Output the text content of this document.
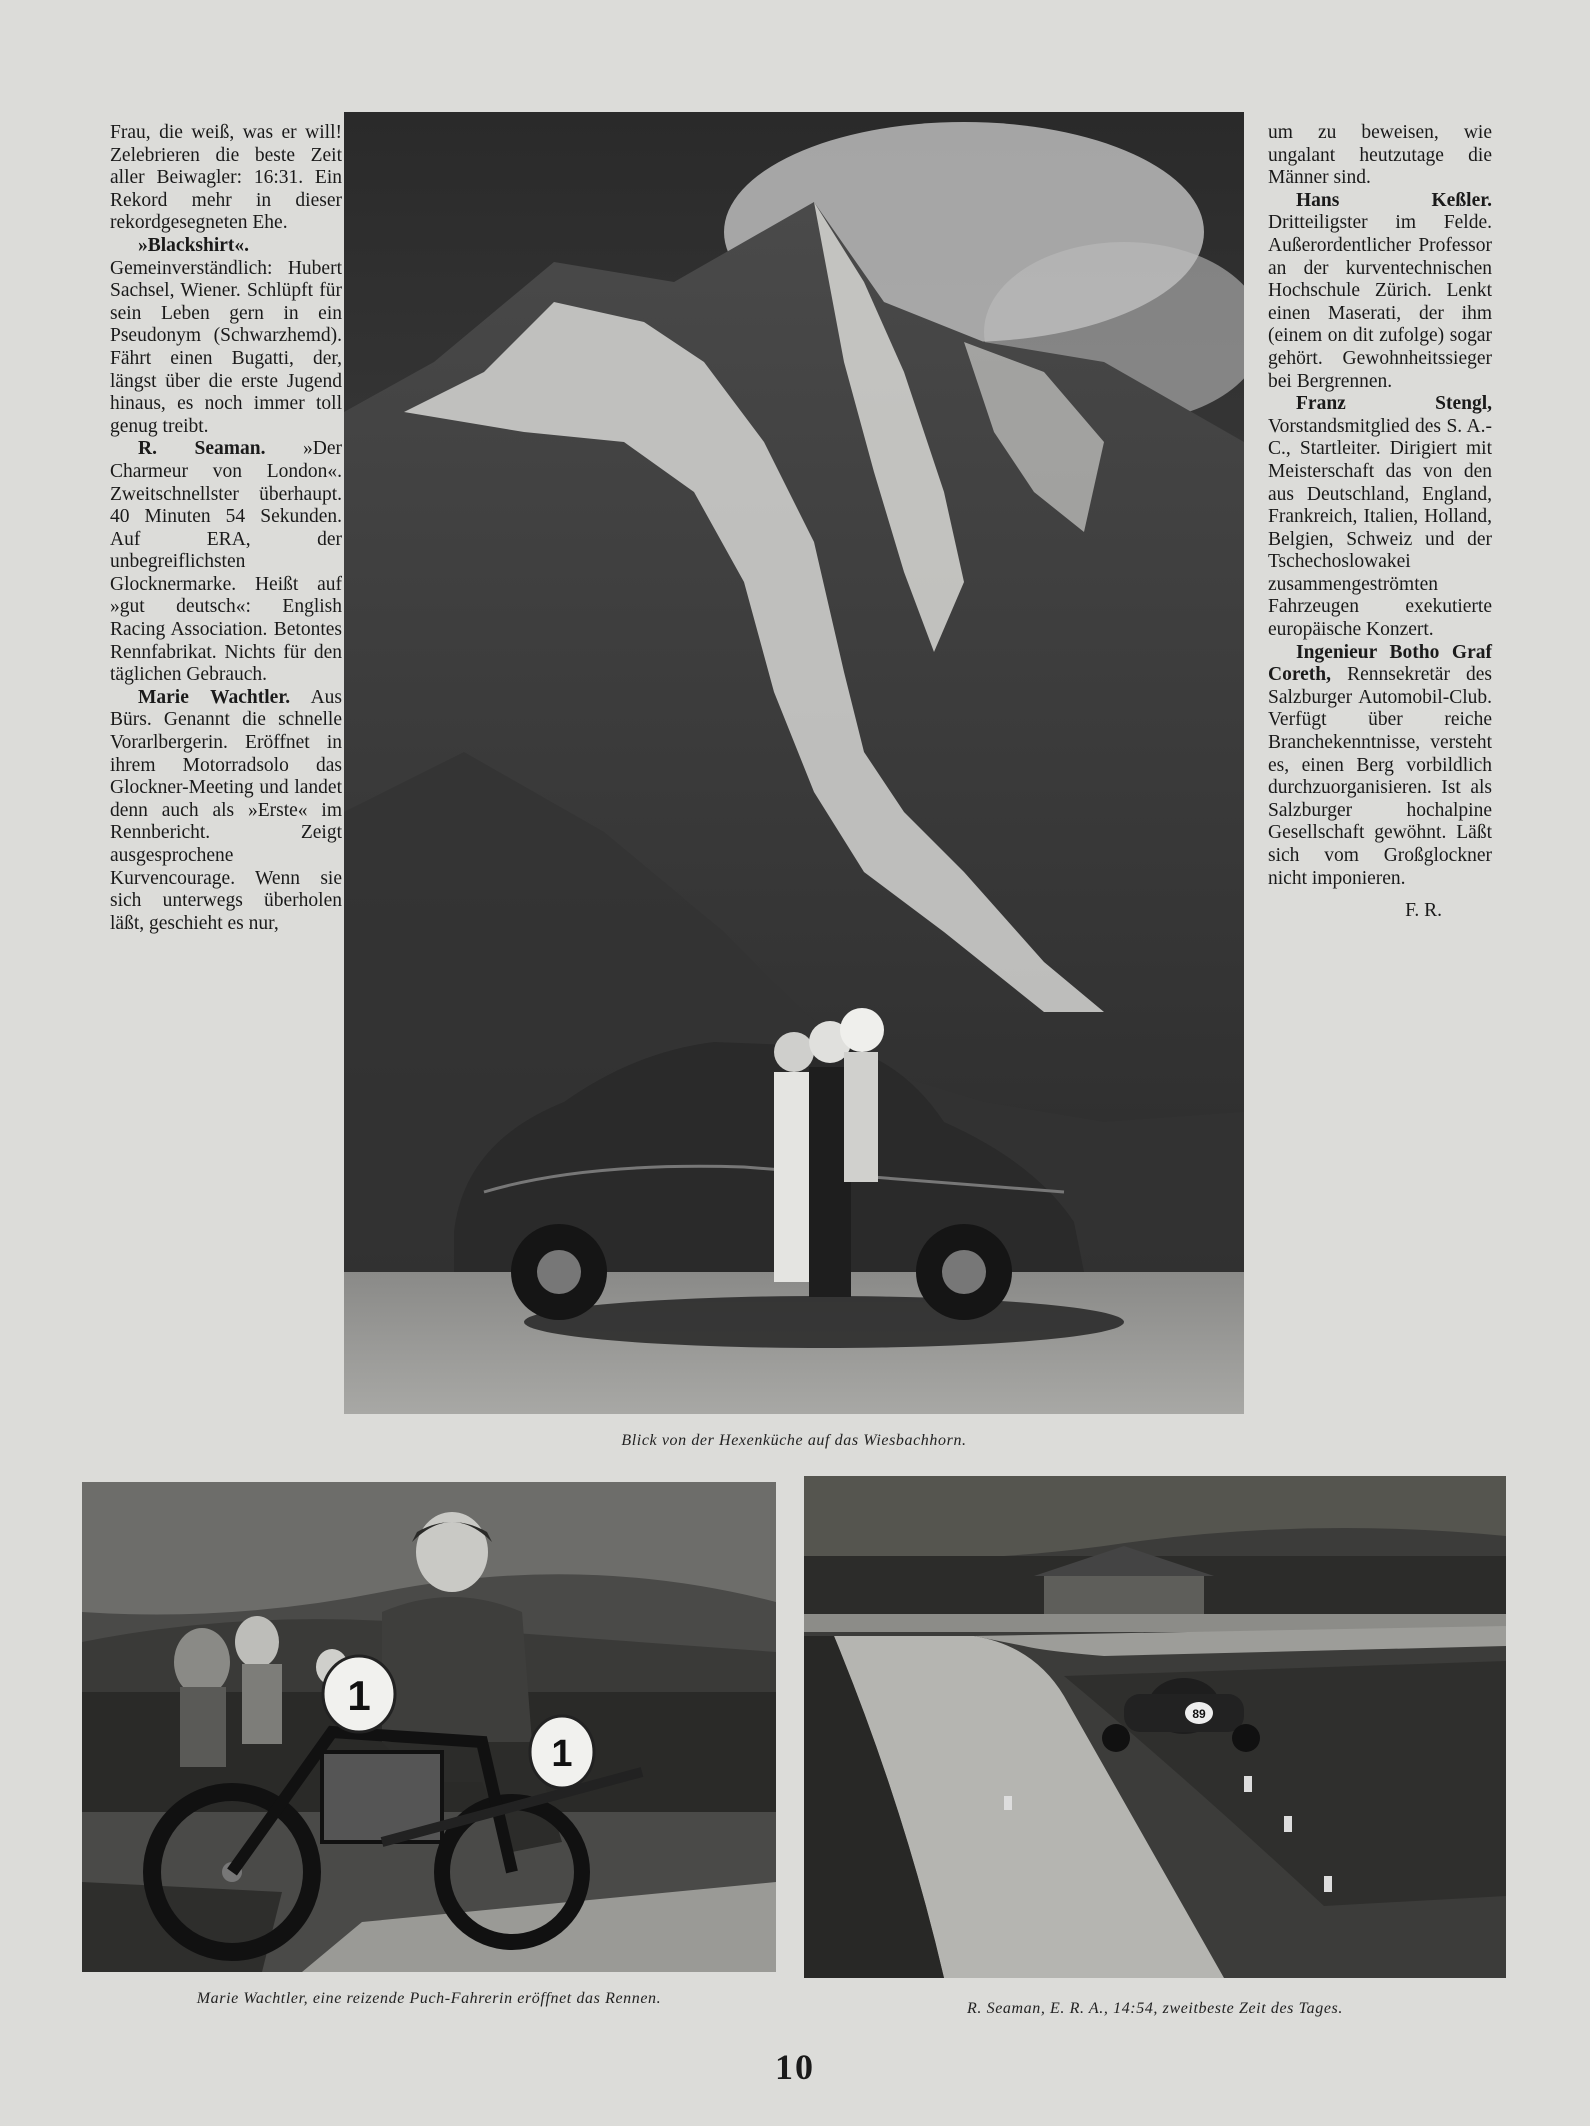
Frau, die weiß, was er will! Zelebrieren die beste Zeit aller Beiwagler: 16:31. Ein Rekord mehr in dieser rekordgesegneten Ehe.

»Blackshirt«. Gemeinverständlich: Hubert Sachsel, Wiener. Schlüpft für sein Leben gern in ein Pseudonym (Schwarzhemd). Fährt einen Bugatti, der, längst über die erste Jugend hinaus, es noch immer toll genug treibt.

R. Seaman. »Der Charmeur von London«. Zweitschnellster überhaupt. 40 Minuten 54 Sekunden. Auf ERA, der unbegreiflichsten Glocknermarke. Heißt auf »gut deutsch«: English Racing Association. Betontes Rennfabrikat. Nichts für den täglichen Gebrauch.

Marie Wachtler. Aus Bürs. Genannt die schnelle Vorarlbergerin. Eröffnet in ihrem Motorradsolo das Glockner-Meeting und landet denn auch als »Erste« im Rennbericht. Zeigt ausgesprochene Kurvencourage. Wenn sie sich unterwegs überholen läßt, geschieht es nur,

Blick von der Hexenküche auf das Wiesbachhorn.

um zu beweisen, wie ungalant heutzutage die Männer sind.

Hans Keßler. Dritteiligster im Felde. Außerordentlicher Professor an der kurventechnischen Hochschule Zürich. Lenkt einen Maserati, der ihm (einem on dit zufolge) sogar gehört. Gewohnheitssieger bei Bergrennen.

Franz Stengl, Vorstandsmitglied des S. A.-C., Startleiter. Dirigiert mit Meisterschaft das von den aus Deutschland, England, Frankreich, Italien, Holland, Belgien, Schweiz und der Tschechoslowakei zusammengeströmten Fahrzeugen exekutierte europäische Konzert.

Ingenieur Botho Graf Coreth, Rennsekretär des Salzburger Automobil-Club. Verfügt über reiche Branchekenntnisse, versteht es, einen Berg vorbildlich durchzuorganisieren. Ist als Salzburger hochalpine Gesellschaft gewöhnt. Läßt sich vom Großglockner nicht imponieren.

F. R.

1
1
Marie Wachtler, eine reizende Puch-Fahrerin eröffnet das Rennen.
89
R. Seaman, E. R. A., 14:54, zweitbeste Zeit des Tages.
10
